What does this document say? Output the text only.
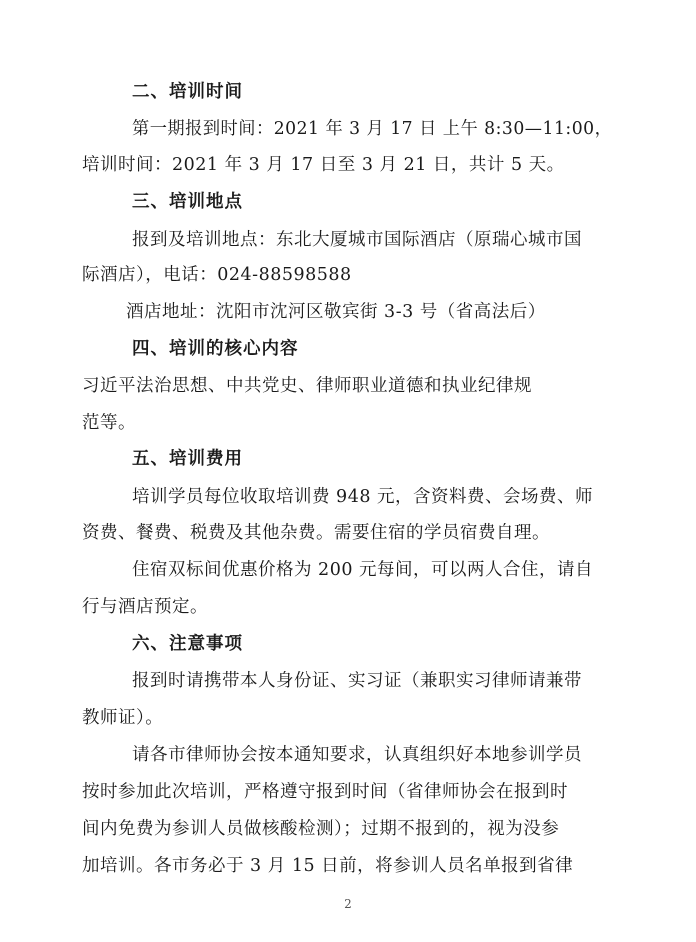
二、培训时间
第一期报到时间：2021 年 3 月 17 日 上午 8:30—11:00，
培训时间：2021 年 3 月 17 日至 3 月 21 日，共计 5 天。
三、培训地点
报到及培训地点：东北大厦城市国际酒店（原瑞心城市国
际酒店），电话：024-88598588
酒店地址：沈阳市沈河区敬宾街 3-3 号（省高法后）
四、培训的核心内容
习近平法治思想、中共党史、律师职业道德和执业纪律规
范等。
五、培训费用
培训学员每位收取培训费 948 元，含资料费、会场费、师
资费、餐费、税费及其他杂费。需要住宿的学员宿费自理。
住宿双标间优惠价格为 200 元每间，可以两人合住，请自
行与酒店预定。
六、注意事项
报到时请携带本人身份证、实习证（兼职实习律师请兼带
教师证）。
请各市律师协会按本通知要求，认真组织好本地参训学员
按时参加此次培训，严格遵守报到时间（省律师协会在报到时
间内免费为参训人员做核酸检测）；过期不报到的，视为没参
加培训。各市务必于 3 月 15 日前，将参训人员名单报到省律
2
